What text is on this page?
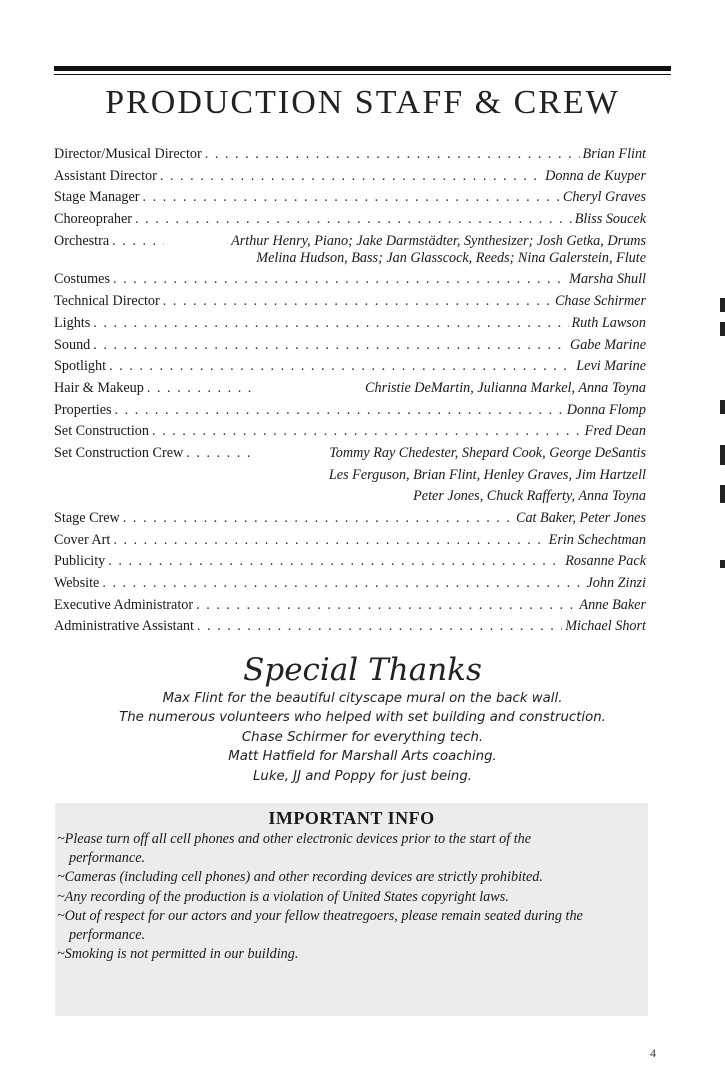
PRODUCTION STAFF & CREW
Director/Musical Director . . .	Brian Flint
Assistant Director . . .	Donna de Kuyper
Stage Manager . . .	Cheryl Graves
Choreopraher . . .	Bliss Soucek
Orchestra . . .	Arthur Henry, Piano; Jake Darmstädter, Synthesizer; Josh Getka, Drums
Melina Hudson, Bass; Jan Glasscock, Reeds; Nina Galerstein, Flute
Costumes . . .	Marsha Shull
Technical Director . . .	Chase Schirmer
Lights . . .	Ruth Lawson
Sound . . .	Gabe Marine
Spotlight . . .	Levi Marine
Hair & Makeup . . .	Christie DeMartin, Julianna Markel, Anna Toyna
Properties . . .	Donna Flomp
Set Construction . . .	Fred Dean
Set Construction Crew . . .	Tommy Ray Chedester, Shepard Cook, George DeSantis
Les Ferguson, Brian Flint, Henley Graves, Jim Hartzell
Peter Jones, Chuck Rafferty, Anna Toyna
Stage Crew . . .	Cat Baker, Peter Jones
Cover Art . . .	Erin Schechtman
Publicity . . .	Rosanne Pack
Website . . .	John Zinzi
Executive Administrator . . .	Anne Baker
Administrative Assistant . . .	Michael Short
Special Thanks
Max Flint for the beautiful cityscape mural on the back wall.
The numerous volunteers who helped with set building and construction.
Chase Schirmer for everything tech.
Matt Hatfield for Marshall Arts coaching.
Luke, JJ and Poppy for just being.
IMPORTANT INFO
~Please turn off all cell phones and other electronic devices prior to the start of the performance.
~Cameras (including cell phones) and other recording devices are strictly prohibited.
~Any recording of the production is a violation of United States copyright laws.
~Out of respect for our actors and your fellow theatregoers, please remain seated during the performance.
~Smoking is not permitted in our building.
4
